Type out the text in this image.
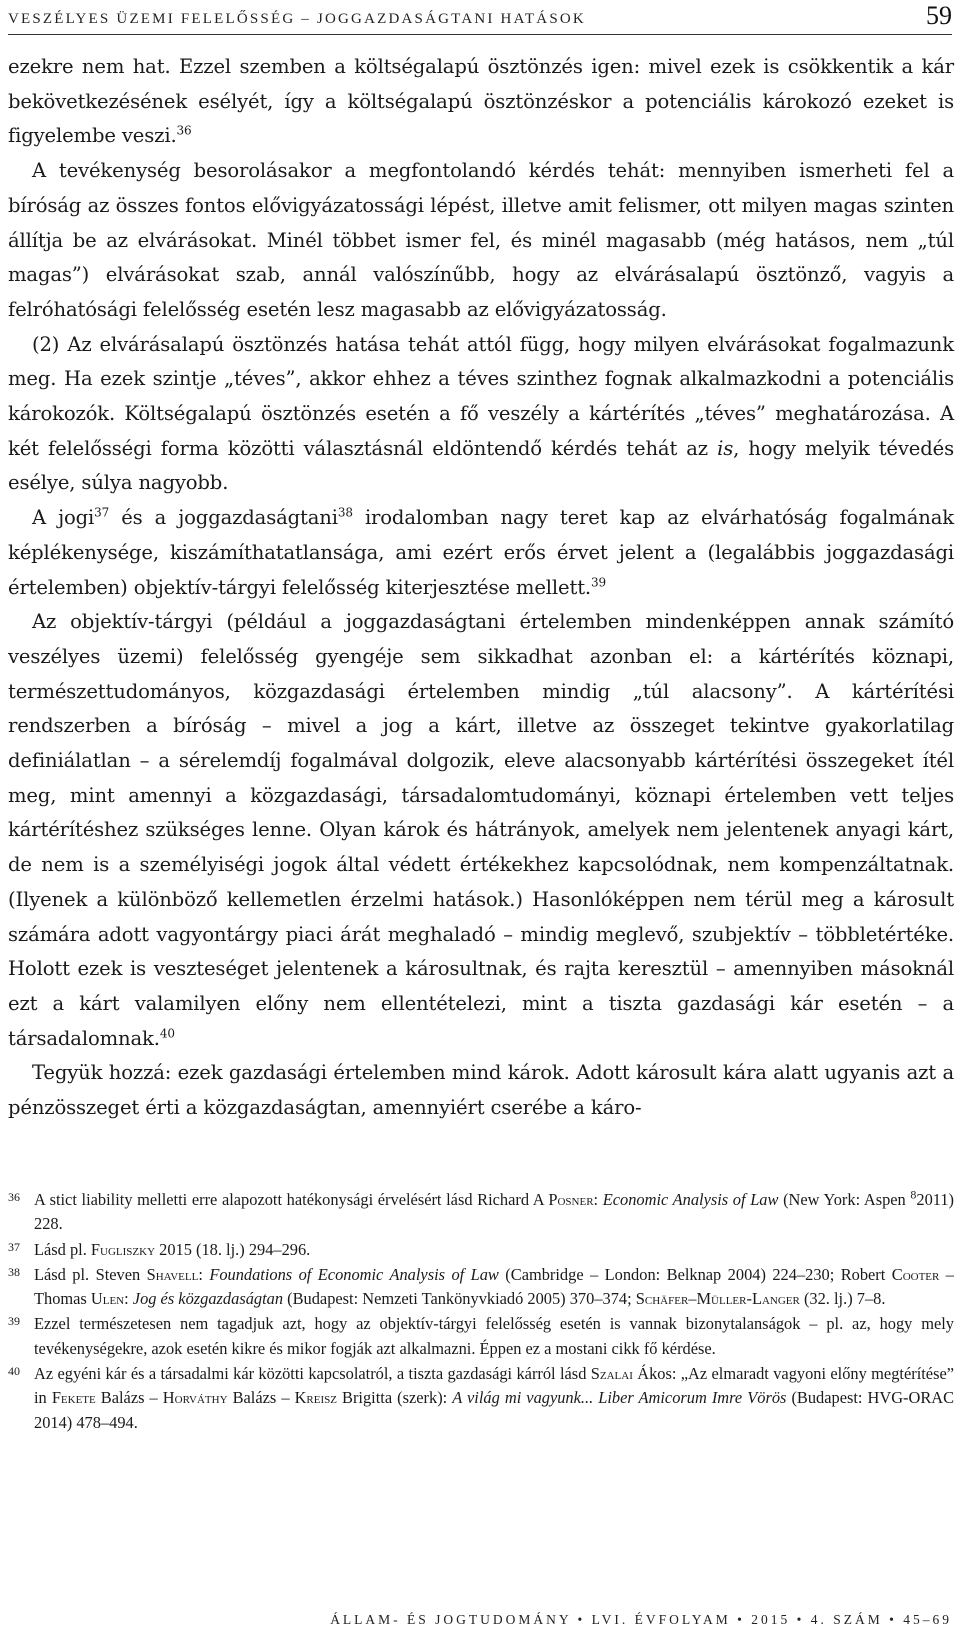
VESZÉLYES ÜZEMI FELELŐSSÉG – JOGGAZDASÁGTANI HATÁSOK	59

ezekre nem hat. Ezzel szemben a költségalapú ösztönzés igen: mivel ezek is csökkentik a kár bekövetkezésének esélyét, így a költségalapú ösztönzéskor a potenciális károkozó ezeket is figyelembe veszi.$^{36}$

A tevékenység besorolásakor a megfontolandó kérdés tehát: mennyiben ismerheti fel a bíróság az összes fontos elővigyázatossági lépést, illetve amit felismer, ott milyen magas szinten állítja be az elvárásokat. Minél többet ismer fel, és minél magasabb (még hatásos, nem „túl magas”) elvárásokat szab, annál valószínűbb, hogy az elvárásalapú ösztönző, vagyis a felróhatósági felelősség esetén lesz magasabb az elővigyázatosság.

(2) Az elvárásalapú ösztönzés hatása tehát attól függ, hogy milyen elvárásokat fogalmazunk meg. Ha ezek szintje „téves”, akkor ehhez a téves szinthez fognak alkalmazkodni a potenciális károkozók. Költségalapú ösztönzés esetén a fő veszély a kártérítés „téves” meghatározása. A két felelősségi forma közötti választásnál eldöntendő kérdés tehát az is, hogy melyik tévedés esélye, súlya nagyobb.

A jogi$^{37}$ és a joggazdaságtani$^{38}$ irodalomban nagy teret kap az elvárhatóság fogalmának képlékenysége, kiszámíthatatlansága, ami ezért erős érvet jelent a (legalábbis joggazdasági értelemben) objektív-tárgyi felelősség kiterjesztése mellett.$^{39}$

Az objektív-tárgyi (például a joggazdaságtani értelemben mindenképpen annak számító veszélyes üzemi) felelősség gyengéje sem sikkadhat azonban el: a kártérítés köznapi, természettudományos, közgazdasági értelemben mindig „túl alacsony”. A kártérítési rendszerben a bíróság – mivel a jog a kárt, illetve az összeget tekintve gyakorlatilag definiálatlan – a sérelemdíj fogalmával dolgozik, eleve alacsonyabb kártérítési összegeket ítél meg, mint amennyi a közgazdasági, társadalomtudományi, köznapi értelemben vett teljes kártérítéshez szükséges lenne. Olyan károk és hátrányok, amelyek nem jelentenek anyagi kárt, de nem is a személyiségi jogok által védett értékekhez kapcsolódnak, nem kompenzáltatnak. (Ilyenek a különböző kellemetlen érzelmi hatások.) Hasonlóképpen nem térül meg a károsult számára adott vagyontárgy piaci árát meghaladó – mindig meglevő, szubjektív – többletértéke. Holott ezek is veszteséget jelentenek a károsultnak, és rajta keresztül – amennyiben másoknál ezt a kárt valamilyen előny nem ellentételezi, mint a tiszta gazdasági kár esetén – a társadalomnak.$^{40}$

Tegyük hozzá: ezek gazdasági értelemben mind károk. Adott károsult kára alatt ugyanis azt a pénzösszeget érti a közgazdaságtan, amennyiért cserébe a káro-

36 A stict liability melletti erre alapozott hatékonysági érvelésért lásd Richard A Posner: Economic Analysis of Law (New York: Aspen $^8$2011) 228.
37 Lásd pl. Fugliszky 2015 (18. lj.) 294–296.
38 Lásd pl. Steven Shavell: Foundations of Economic Analysis of Law (Cambridge – London: Belknap 2004) 224–230; Robert Cooter – Thomas Ulen: Jog és közgazdaságtan (Budapest: Nemzeti Tankönyvkiadó 2005) 370–374; Schäfer–Müller-Langer (32. lj.) 7–8.
39 Ezzel természetesen nem tagadjuk azt, hogy az objektív-tárgyi felelősség esetén is vannak bizonytalanságok – pl. az, hogy mely tevékenységekre, azok esetén kikre és mikor fogják azt alkalmazni. Éppen ez a mostani cikk fő kérdése.
40 Az egyéni kár és a társadalmi kár közötti kapcsolatról, a tiszta gazdasági kárról lásd Szalai Ákos: „Az elmaradt vagyoni előny megtérítése” in Fekete Balázs – Horváthy Balázs – Kreisz Brigitta (szerk): A világ mi vagyunk... Liber Amicorum Imre Vörös (Budapest: HVG-ORAC 2014) 478–494.
ÁLLAM- ÉS JOGTUDOMÁNY • LVI. ÉVFOLYAM • 2015 • 4. SZÁM • 45–69
